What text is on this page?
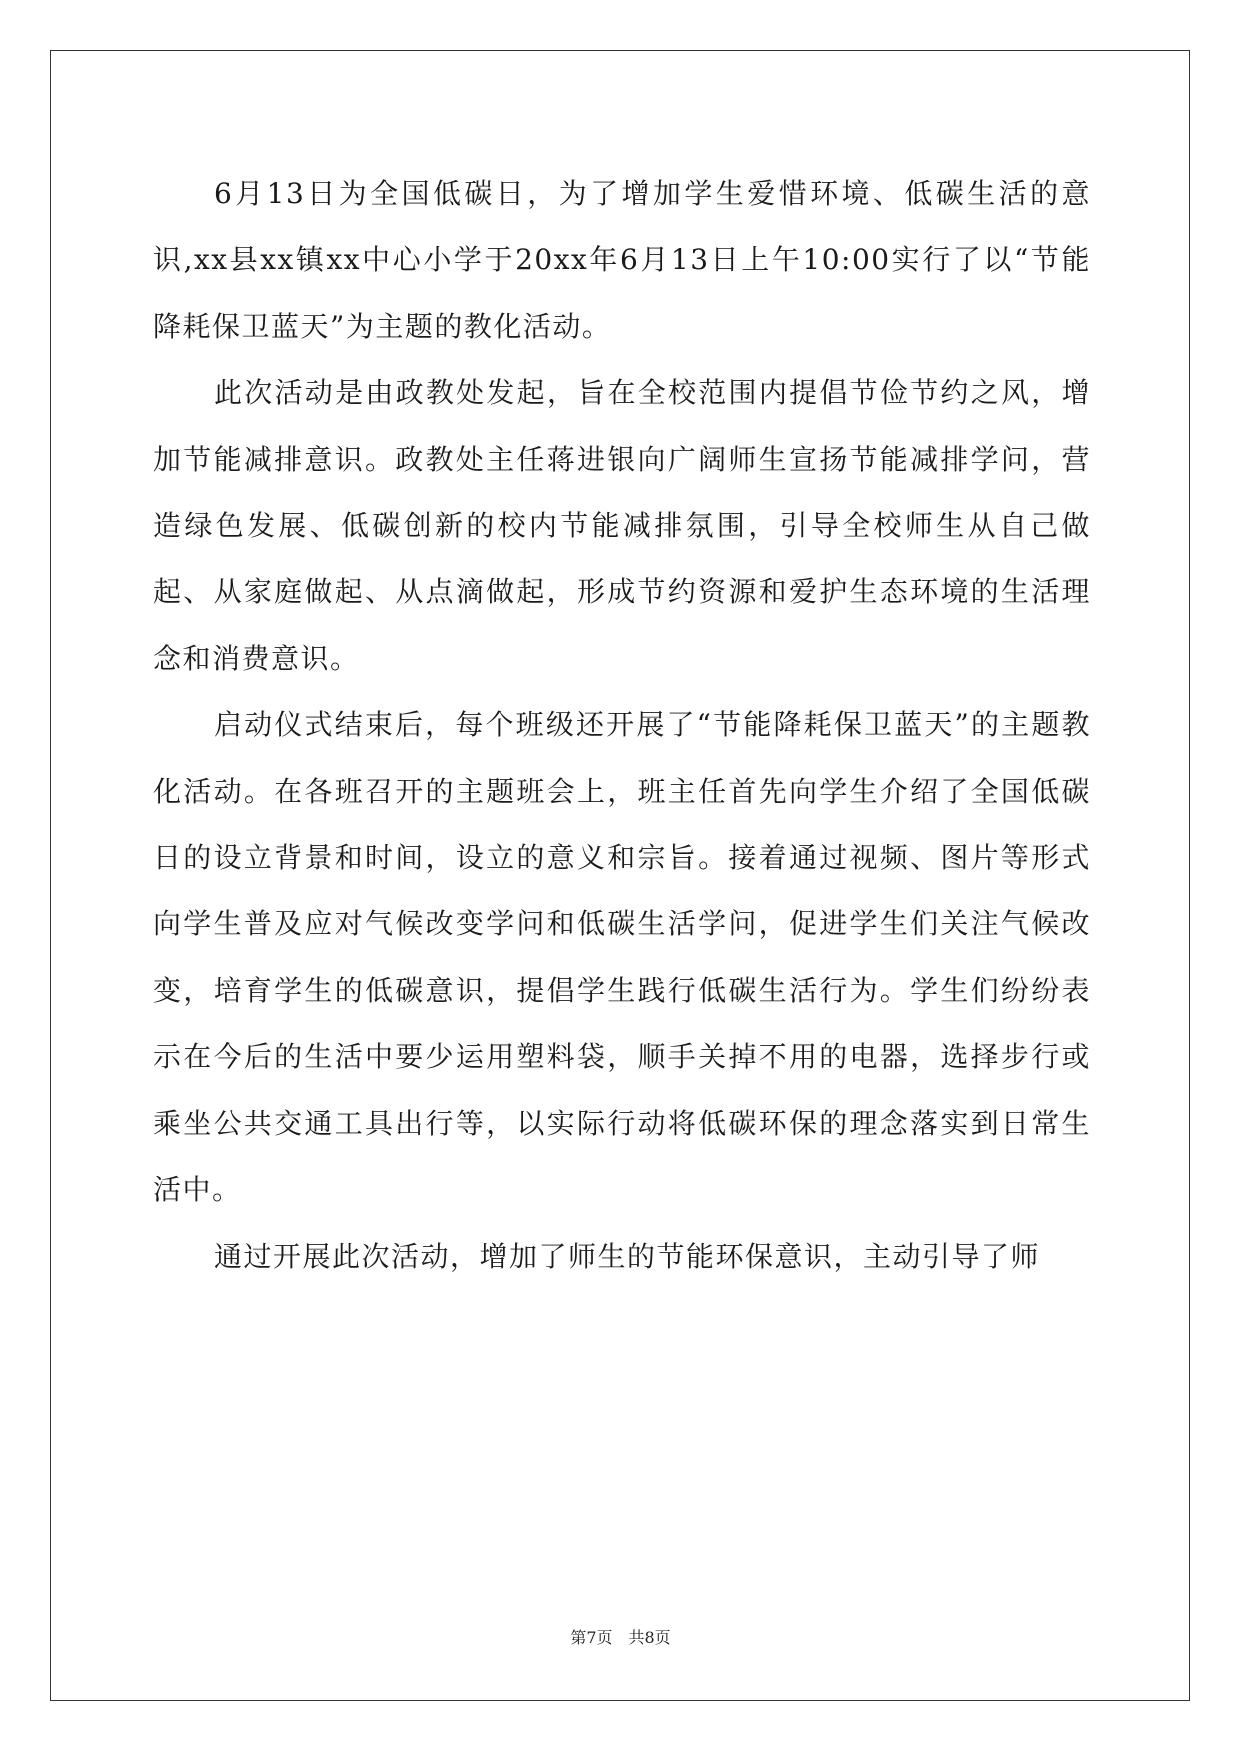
6月13日为全国低碳日，为了增加学生爱惜环境、低碳生活的意识,xx县xx镇xx中心小学于20xx年6月13日上午10:00实行了以“节能降耗保卫蓝天”为主题的教化活动。

此次活动是由政教处发起，旨在全校范围内提倡节俭节约之风，增加节能减排意识。政教处主任蒋进银向广阔师生宣扬节能减排学问，营造绿色发展、低碳创新的校内节能减排氛围，引导全校师生从自己做起、从家庭做起、从点滴做起，形成节约资源和爱护生态环境的生活理念和消费意识。

启动仪式结束后，每个班级还开展了“节能降耗保卫蓝天”的主题教化活动。在各班召开的主题班会上，班主任首先向学生介绍了全国低碳日的设立背景和时间，设立的意义和宗旨。接着通过视频、图片等形式向学生普及应对气候改变学问和低碳生活学问，促进学生们关注气候改变，培育学生的低碳意识，提倡学生践行低碳生活行为。学生们纷纷表示在今后的生活中要少运用塑料袋，顺手关掉不用的电器，选择步行或乘坐公共交通工具出行等，以实际行动将低碳环保的理念落实到日常生活中。

通过开展此次活动，增加了师生的节能环保意识，主动引导了师

第7页 共8页
